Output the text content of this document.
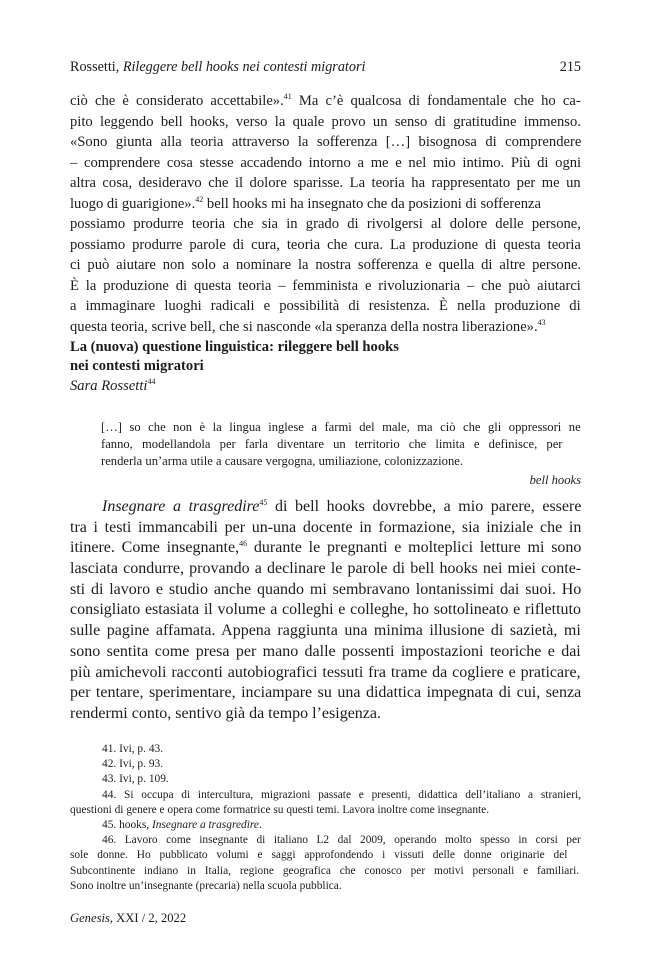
Rossetti, Rileggere bell hooks nei contesti migratori	215
ciò che è considerato accettabile».$^{41}$ Ma c’è qualcosa di fondamentale che ho ca-
pito leggendo bell hooks, verso la quale provo un senso di gratitudine immenso.
«Sono giunta alla teoria attraverso la sofferenza […] bisognosa di comprendere
– comprendere cosa stesse accadendo intorno a me e nel mio intimo. Più di ogni
altra cosa, desideravo che il dolore sparisse. La teoria ha rappresentato per me un
luogo di guarigione».$^{42}$ bell hooks mi ha insegnato che da posizioni di sofferenza
possiamo produrre teoria che sia in grado di rivolgersi al dolore delle persone,
possiamo produrre parole di cura, teoria che cura. La produzione di questa teoria
ci può aiutare non solo a nominare la nostra sofferenza e quella di altre persone.
È la produzione di questa teoria – femminista e rivoluzionaria – che può aiutarci
a immaginare luoghi radicali e possibilità di resistenza. È nella produzione di
questa teoria, scrive bell, che si nasconde «la speranza della nostra liberazione».$^{43}$
La (nuova) questione linguistica: rileggere bell hooks
nei contesti migratori
Sara Rossetti$^{44}$
[…] so che non è la lingua inglese a farmi del male, ma ciò che gli oppressori ne
fanno, modellandola per farla diventare un territorio che limita e definisce, per
renderla un’arma utile a causare vergogna, umiliazione, colonizzazione.
bell hooks
Insegnare a trasgredire$^{45}$ di bell hooks dovrebbe, a mio parere, essere
tra i testi immancabili per un-una docente in formazione, sia iniziale che in
itinere. Come insegnante,$^{46}$ durante le pregnanti e molteplici letture mi sono
lasciata condurre, provando a declinare le parole di bell hooks nei miei conte-
sti di lavoro e studio anche quando mi sembravano lontanissimi dai suoi. Ho
consigliato estasiata il volume a colleghi e colleghe, ho sottolineato e riflettuto
sulle pagine affamata. Appena raggiunta una minima illusione di sazietà, mi
sono sentita come presa per mano dalle possenti impostazioni teoriche e dai
più amichevoli racconti autobiografici tessuti fra trame da cogliere e praticare,
per tentare, sperimentare, inciampare su una didattica impegnata di cui, senza
rendermi conto, sentivo già da tempo l’esigenza.
41. Ivi, p. 43.
42. Ivi, p. 93.
43. Ivi, p. 109.
44. Si occupa di intercultura, migrazioni passate e presenti, didattica dell’italiano a stranieri,
questioni di genere e opera come formatrice su questi temi. Lavora inoltre come insegnante.
45. hooks, Insegnare a trasgredire.
46. Lavoro come insegnante di italiano L2 dal 2009, operando molto spesso in corsi per
sole donne. Ho pubblicato volumi e saggi approfondendo i vissuti delle donne originarie del
Subcontinente indiano in Italia, regione geografica che conosco per motivi personali e familiari.
Sono inoltre un’insegnante (precaria) nella scuola pubblica.
Genesis, XXI / 2, 2022
